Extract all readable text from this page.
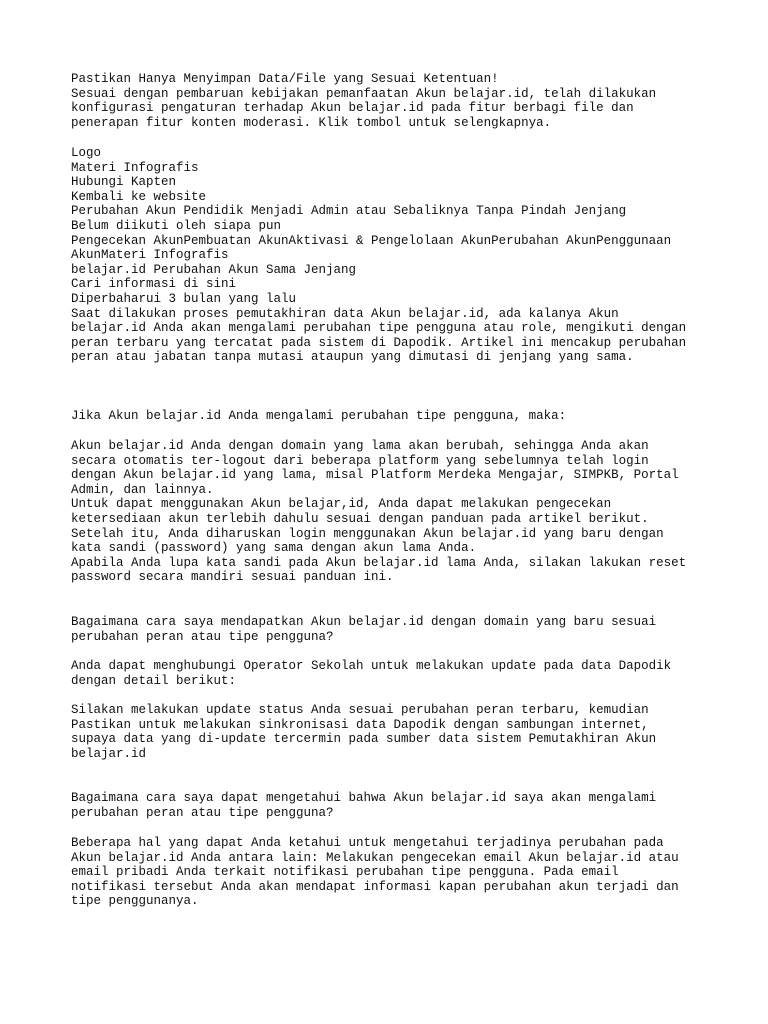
Pastikan Hanya Menyimpan Data/File yang Sesuai Ketentuan!
Sesuai dengan pembaruan kebijakan pemanfaatan Akun belajar.id, telah dilakukan
konfigurasi pengaturan terhadap Akun belajar.id pada fitur berbagi file dan
penerapan fitur konten moderasi. Klik tombol untuk selengkapnya.
Logo
Materi Infografis
Hubungi Kapten
Kembali ke website
Perubahan Akun Pendidik Menjadi Admin atau Sebaliknya Tanpa Pindah Jenjang
Belum diikuti oleh siapa pun
Pengecekan AkunPembuatan AkunAktivasi & Pengelolaan AkunPerubahan AkunPenggunaan
AkunMateri Infografis
belajar.id Perubahan Akun Sama Jenjang
Cari informasi di sini
Diperbaharui 3 bulan yang lalu
Saat dilakukan proses pemutakhiran data Akun belajar.id, ada kalanya Akun
belajar.id Anda akan mengalami perubahan tipe pengguna atau role, mengikuti dengan
peran terbaru yang tercatat pada sistem di Dapodik. Artikel ini mencakup perubahan
peran atau jabatan tanpa mutasi ataupun yang dimutasi di jenjang yang sama.
Jika Akun belajar.id Anda mengalami perubahan tipe pengguna, maka:
Akun belajar.id Anda dengan domain yang lama akan berubah, sehingga Anda akan
secara otomatis ter-logout dari beberapa platform yang sebelumnya telah login
dengan Akun belajar.id yang lama, misal Platform Merdeka Mengajar, SIMPKB, Portal
Admin, dan lainnya.
Untuk dapat menggunakan Akun belajar,id, Anda dapat melakukan pengecekan
ketersediaan akun terlebih dahulu sesuai dengan panduan pada artikel berikut.
Setelah itu, Anda diharuskan login menggunakan Akun belajar.id yang baru dengan
kata sandi (password) yang sama dengan akun lama Anda.
Apabila Anda lupa kata sandi pada Akun belajar.id lama Anda, silakan lakukan reset
password secara mandiri sesuai panduan ini.
Bagaimana cara saya mendapatkan Akun belajar.id dengan domain yang baru sesuai
perubahan peran atau tipe pengguna?
Anda dapat menghubungi Operator Sekolah untuk melakukan update pada data Dapodik
dengan detail berikut:
Silakan melakukan update status Anda sesuai perubahan peran terbaru, kemudian
Pastikan untuk melakukan sinkronisasi data Dapodik dengan sambungan internet,
supaya data yang di-update tercermin pada sumber data sistem Pemutakhiran Akun
belajar.id
Bagaimana cara saya dapat mengetahui bahwa Akun belajar.id saya akan mengalami
perubahan peran atau tipe pengguna?
Beberapa hal yang dapat Anda ketahui untuk mengetahui terjadinya perubahan pada
Akun belajar.id Anda antara lain: Melakukan pengecekan email Akun belajar.id atau
email pribadi Anda terkait notifikasi perubahan tipe pengguna. Pada email
notifikasi tersebut Anda akan mendapat informasi kapan perubahan akun terjadi dan
tipe penggunanya.
